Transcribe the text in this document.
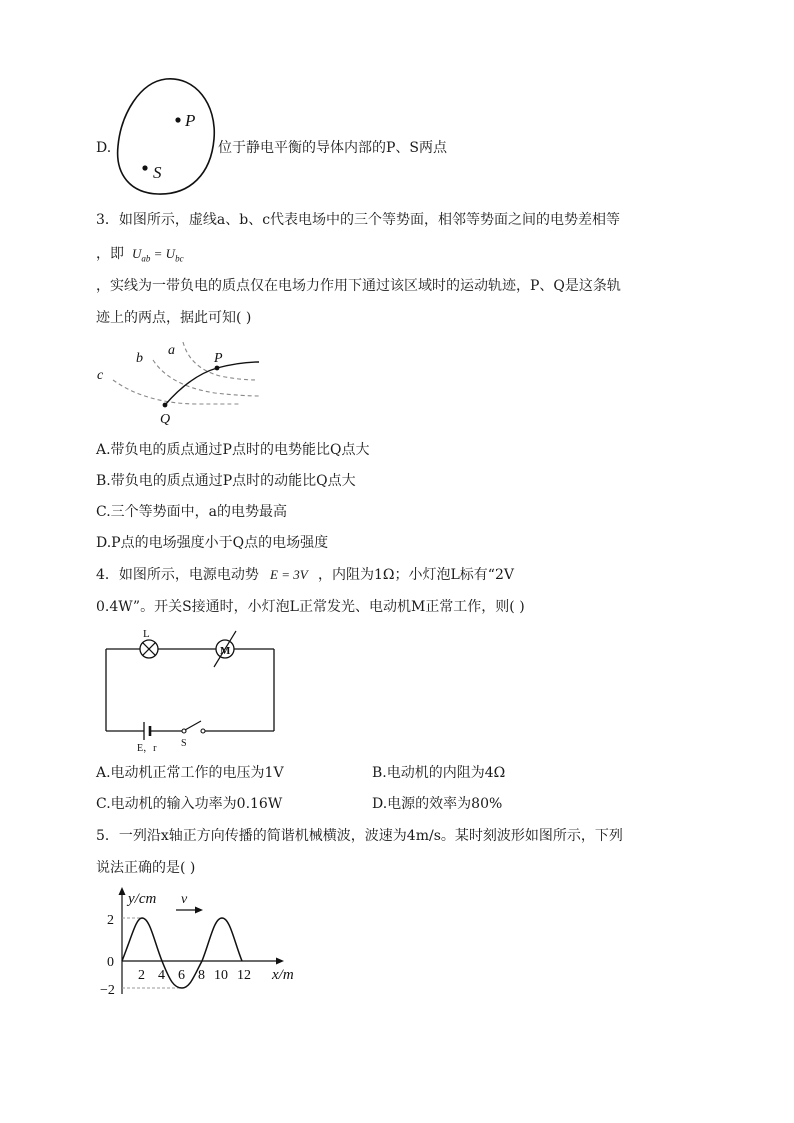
D.
P
S
位于静电平衡的导体内部的P、S两点
3．如图所示，虚线a、b、c代表电场中的三个等势面，相邻等势面之间的电势差相等
，即 $U_{ab} = U_{bc}$
，实线为一带负电的质点仅在电场力作用下通过该区域时的运动轨迹，P、Q是这条轨
迹上的两点，据此可知( )
a
b
c
P
Q
A.带负电的质点通过P点时的电势能比Q点大
B.带负电的质点通过P点时的动能比Q点大
C.三个等势面中，a的电势最高
D.P点的电场强度小于Q点的电场强度
4．如图所示，电源电动势 E = 3V ，内阻为1Ω；小灯泡L标有“2V
0.4W”。开关S接通时，小灯泡L正常发光、电动机M正常工作，则( )
L
M
E，r S
A.电动机正常工作的电压为1V	B.电动机的内阻为4Ω
C.电动机的输入功率为0.16W	D.电源的效率为80%
5．一列沿x轴正方向传播的简谐机械横波，波速为4m/s。某时刻波形如图所示，下列
说法正确的是( )
v
y/cm
x/m
2
0
−2
2 4 6 8 10 12
